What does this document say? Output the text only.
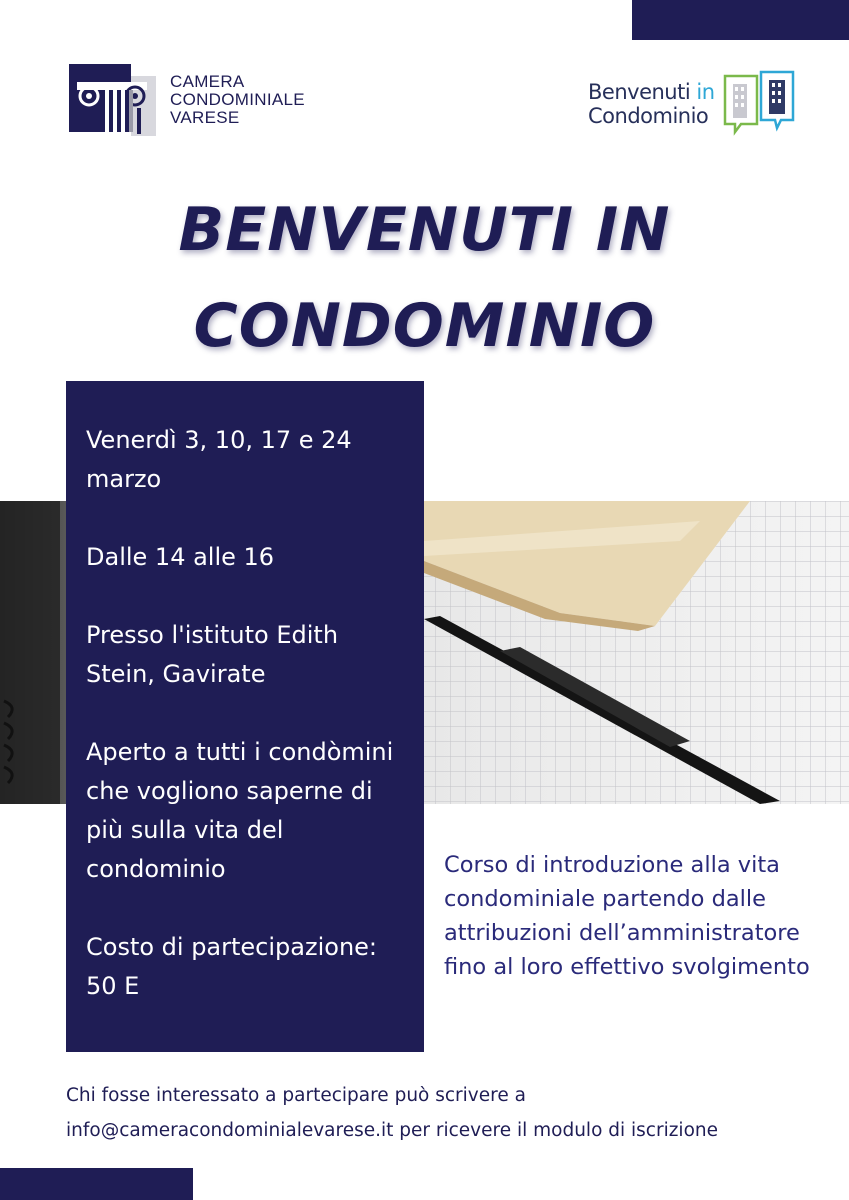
CAMERA
CONDOMINIALE
VARESE
Benvenuti in
Condominio
BENVENUTI IN
CONDOMINIO

Venerdì 3, 10, 17 e 24 marzo

Dalle 14 alle 16

Presso l'istituto Edith Stein, Gavirate

Aperto a tutti i condòmini che vogliono saperne di più sulla vita del condominio

Costo di partecipazione: 50 E

Corso di introduzione alla vita condominiale partendo dalle attribuzioni dell’amministratore fino al loro effettivo svolgimento
Chi fosse interessato a partecipare può scrivere a
info@cameracondominialevarese.it per ricevere il modulo di iscrizione
